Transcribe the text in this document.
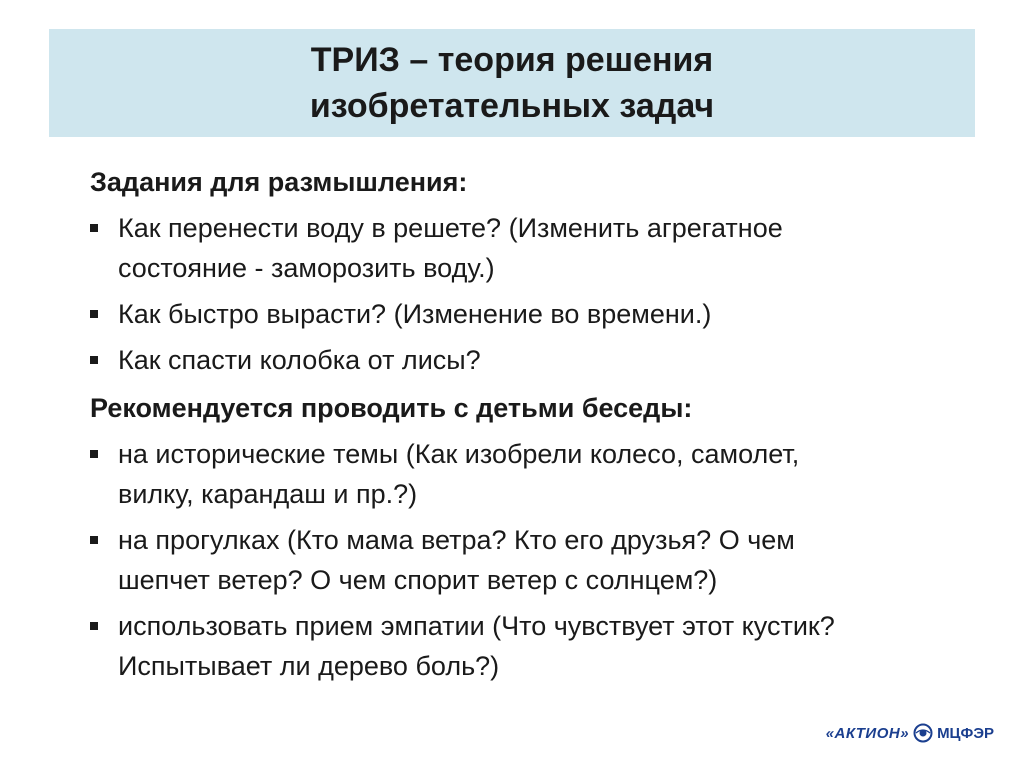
ТРИЗ – теория решения
изобретательных задач
Задания для размышления:
Как перенести воду в решете? (Изменить агрегатное
состояние - заморозить воду.)
Как быстро вырасти? (Изменение во времени.)
Как спасти колобка от лисы?
Рекомендуется проводить с детьми беседы:
на исторические темы (Как изобрели колесо, самолет,
вилку, карандаш и пр.?)
на прогулках (Кто мама ветра? Кто его друзья? О чем
шепчет ветер? О чем спорит ветер с солнцем?)
использовать прием эмпатии (Что чувствует этот кустик?
Испытывает ли дерево боль?)
«АКТИОН» МЦФЭР
